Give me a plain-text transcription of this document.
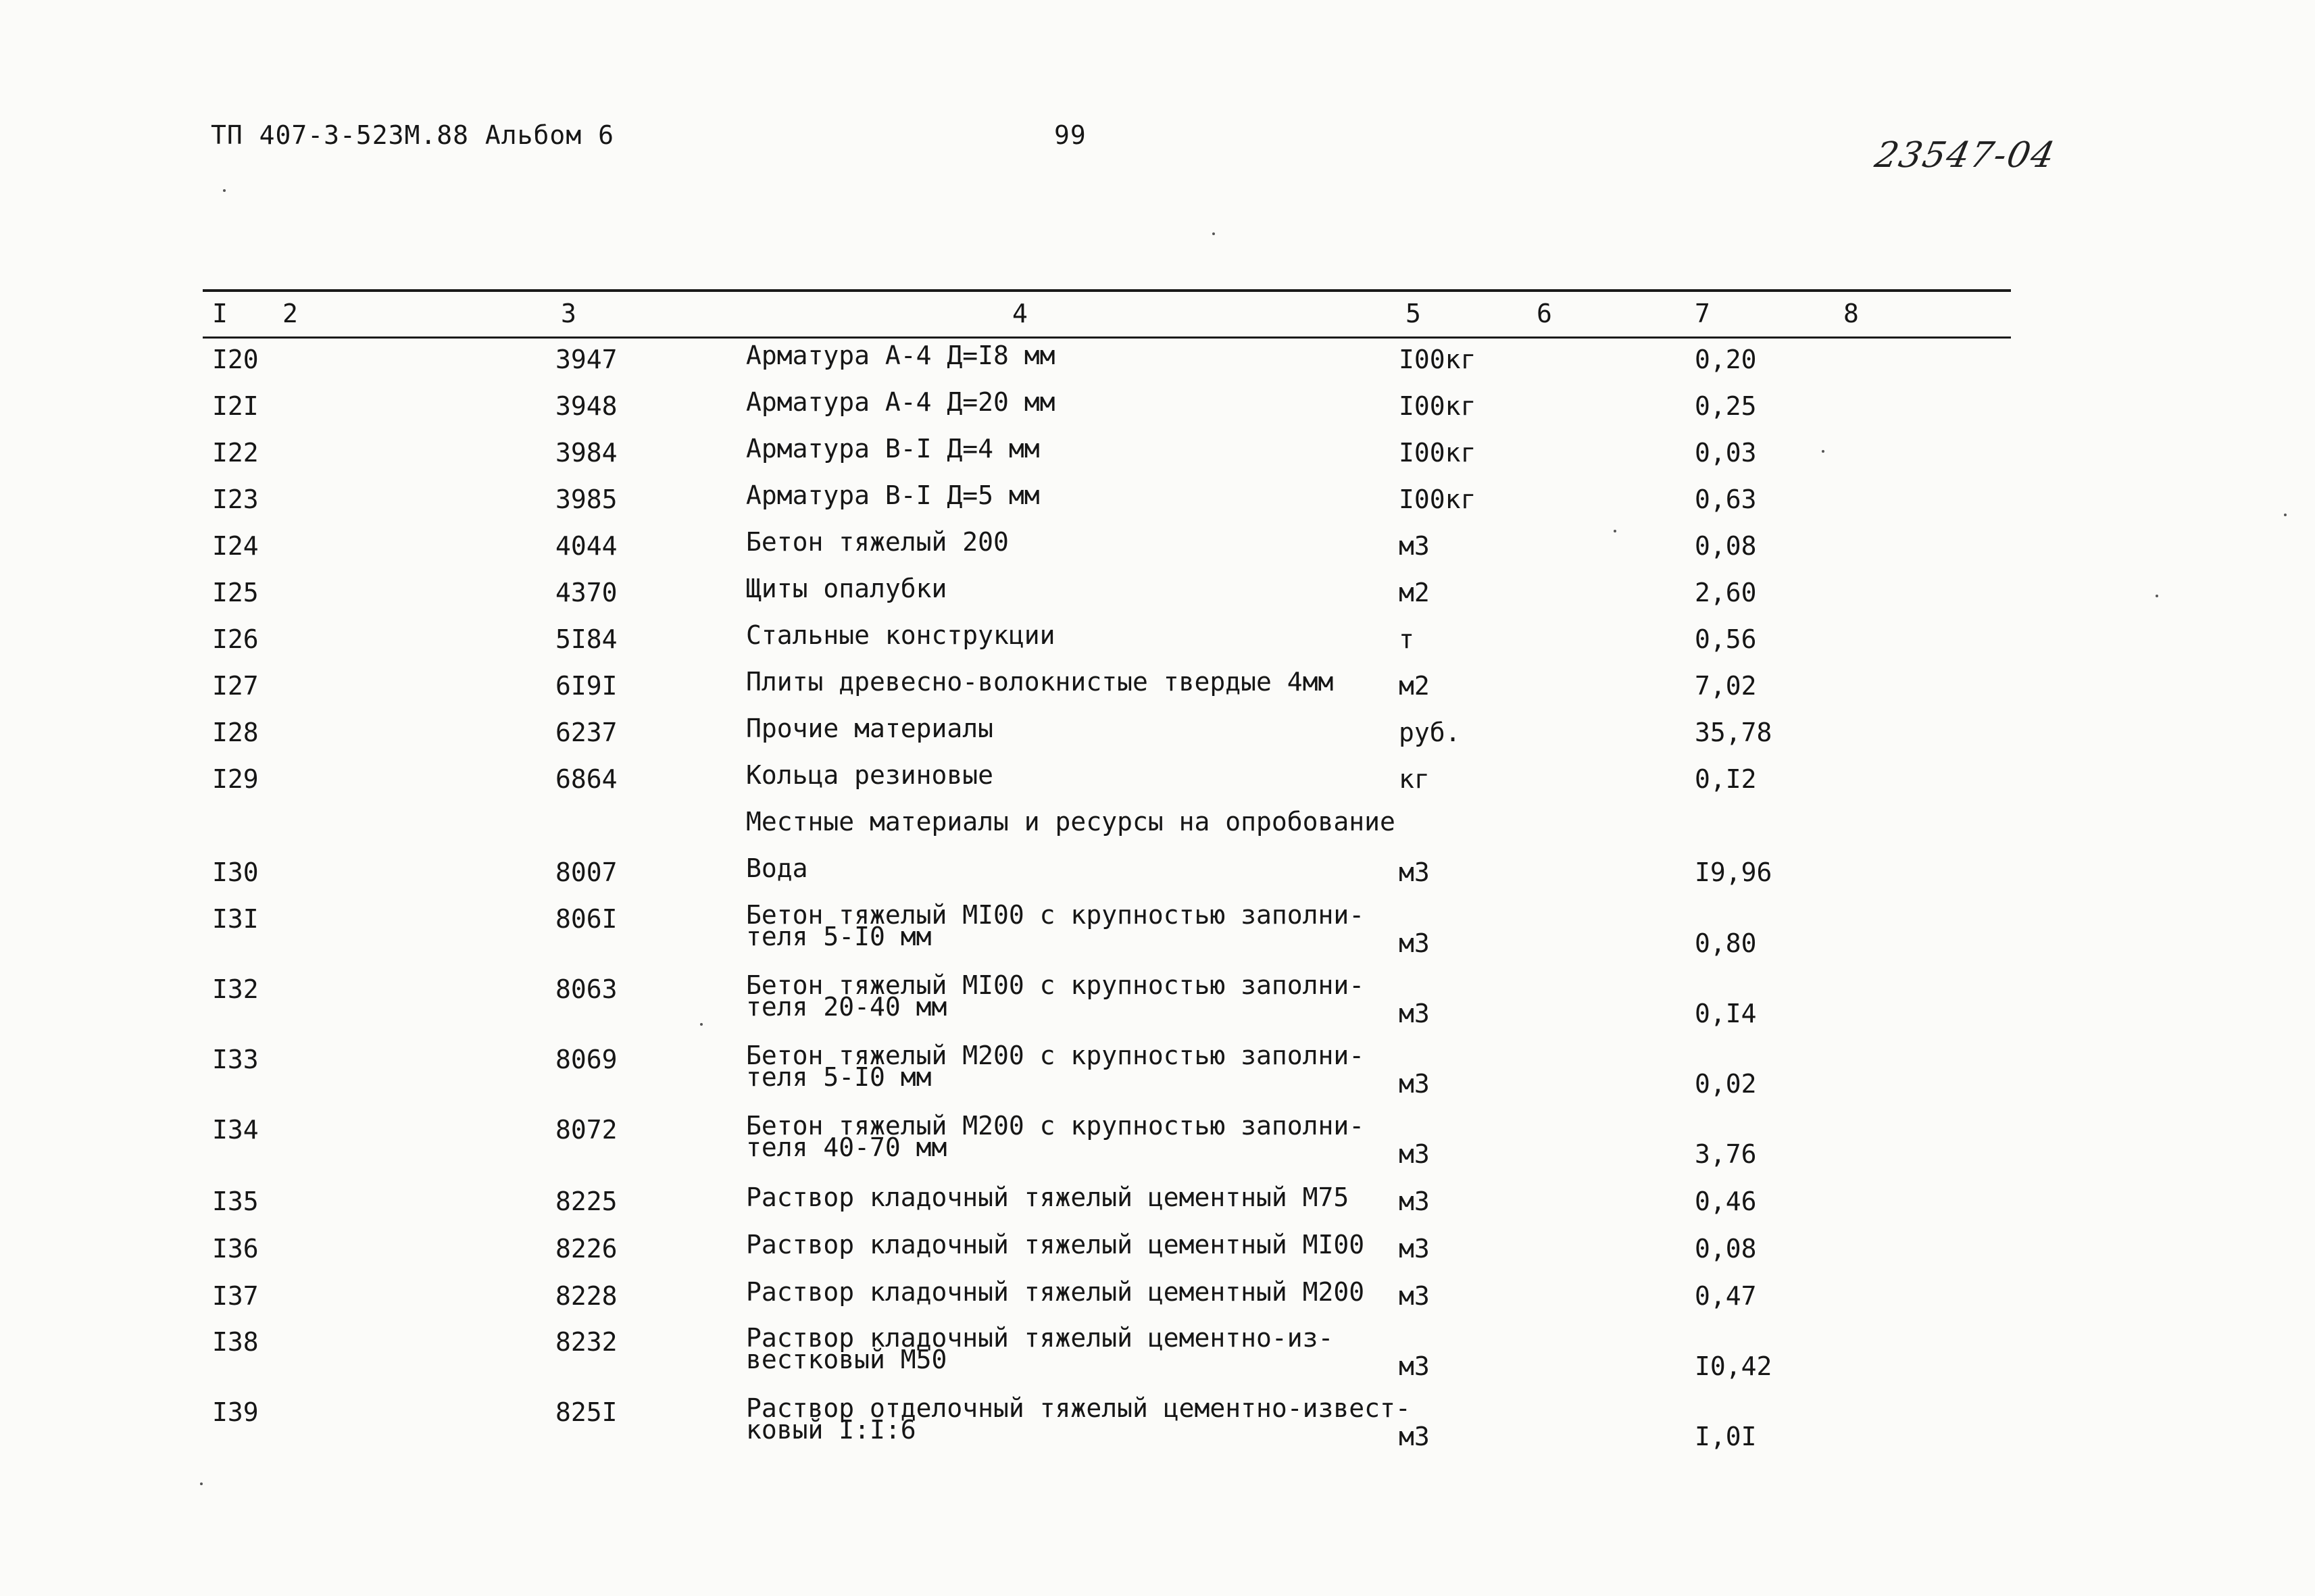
ТП 407-3-523М.88 Альбом 6	99	23547-04
I 2	3	4	5	6	7	8
I20	3947	Арматура А-4 Д=I8 мм	I00кг	0,20
I2I	3948	Арматура А-4 Д=20 мм	I00кг	0,25
I22	3984	Арматура В-I Д=4 мм	I00кг	0,03
I23	3985	Арматура В-I Д=5 мм	I00кг	0,63
I24	4044	Бетон тяжелый 200	м3	0,08
I25	4370	Щиты опалубки	м2	2,60
I26	5I84	Стальные конструкции	т	0,56
I27	6I9I	Плиты древесно-волокнистые твердые 4мм	м2	7,02
I28	6237	Прочие материалы	руб.	35,78
I29	6864	Кольца резиновые	кг	0,I2
Местные материалы и ресурсы на опробование
I30	8007	Вода	м3	I9,96
I3I	806I	Бетон тяжелый МI00 с крупностью заполни-
теля 5-I0 мм	м3	0,80
I32	8063	Бетон тяжелый МI00 с крупностью заполни-
теля 20-40 мм	м3	0,I4
I33	8069	Бетон тяжелый М200 с крупностью заполни-
теля 5-I0 мм	м3	0,02
I34	8072	Бетон тяжелый М200 с крупностью заполни-
теля 40-70 мм	м3	3,76
I35	8225	Раствор кладочный тяжелый цементный М75 м3	0,46
I36	8226	Раствор кладочный тяжелый цементный МI00 м3	0,08
I37	8228	Раствор кладочный тяжелый цементный М200 м3	0,47
I38	8232	Раствор кладочный тяжелый цементно-из-
вестковый М50	м3	I0,42
I39	825I	Раствор отделочный тяжелый цементно-извест-
ковый I:I:6	м3	I,0I
